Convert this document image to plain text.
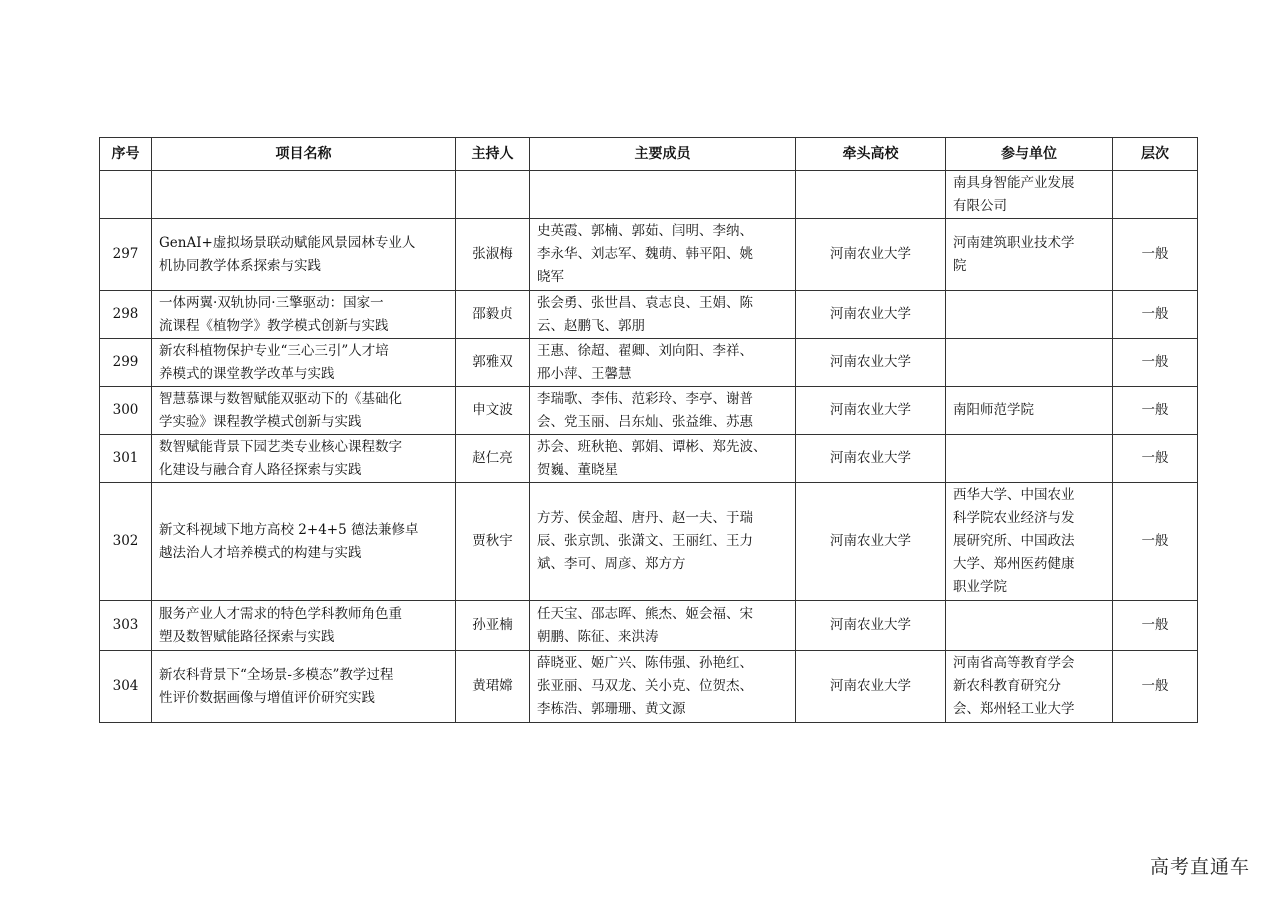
序号	项目名称	主持人	主要成员	牵头高校	参与单位	层次

					南具身智能产业发展
有限公司	

297	GenAI+虚拟场景联动赋能风景园林专业人
机协同教学体系探索与实践	张淑梅	史英霞、郭楠、郭茹、闫明、李纳、
李永华、刘志军、魏萌、韩平阳、姚
晓军	河南农业大学	河南建筑职业技术学
院	一般

298	一体两翼·双轨协同·三擎驱动：国家一
流课程《植物学》教学模式创新与实践	邵毅贞	张会勇、张世昌、袁志良、王娟、陈
云、赵鹏飞、郭朋	河南农业大学		一般

299	新农科植物保护专业“三心三引”人才培
养模式的课堂教学改革与实践	郭雅双	王惠、徐超、翟卿、刘向阳、李祥、
邢小萍、王馨慧	河南农业大学		一般

300	智慧慕课与数智赋能双驱动下的《基础化
学实验》课程教学模式创新与实践	申文波	李瑞歌、李伟、范彩玲、李亭、谢普
会、党玉丽、吕东灿、张益维、苏惠	河南农业大学	南阳师范学院	一般

301	数智赋能背景下园艺类专业核心课程数字
化建设与融合育人路径探索与实践	赵仁亮	苏会、班秋艳、郭娟、谭彬、郑先波、
贺巍、董晓星	河南农业大学		一般

302	新文科视域下地方高校 2+4+5 德法兼修卓
越法治人才培养模式的构建与实践	贾秋宇	方芳、侯金超、唐丹、赵一夫、于瑞
辰、张京凯、张潇文、王丽红、王力
斌、李可、周彦、郑方方	河南农业大学	西华大学、中国农业
科学院农业经济与发
展研究所、中国政法
大学、郑州医药健康
职业学院	一般

303	服务产业人才需求的特色学科教师角色重
塑及数智赋能路径探索与实践	孙亚楠	任天宝、邵志晖、熊杰、姬会福、宋
朝鹏、陈征、来洪涛	河南农业大学		一般

304	新农科背景下“全场景-多模态”教学过程
性评价数据画像与增值评价研究实践	黄珺嫦	薛晓亚、姬广兴、陈伟强、孙艳红、
张亚丽、马双龙、关小克、位贺杰、
李栋浩、郭珊珊、黄文源	河南农业大学	河南省高等教育学会
新农科教育研究分
会、郑州轻工业大学	一般
高考直通车
